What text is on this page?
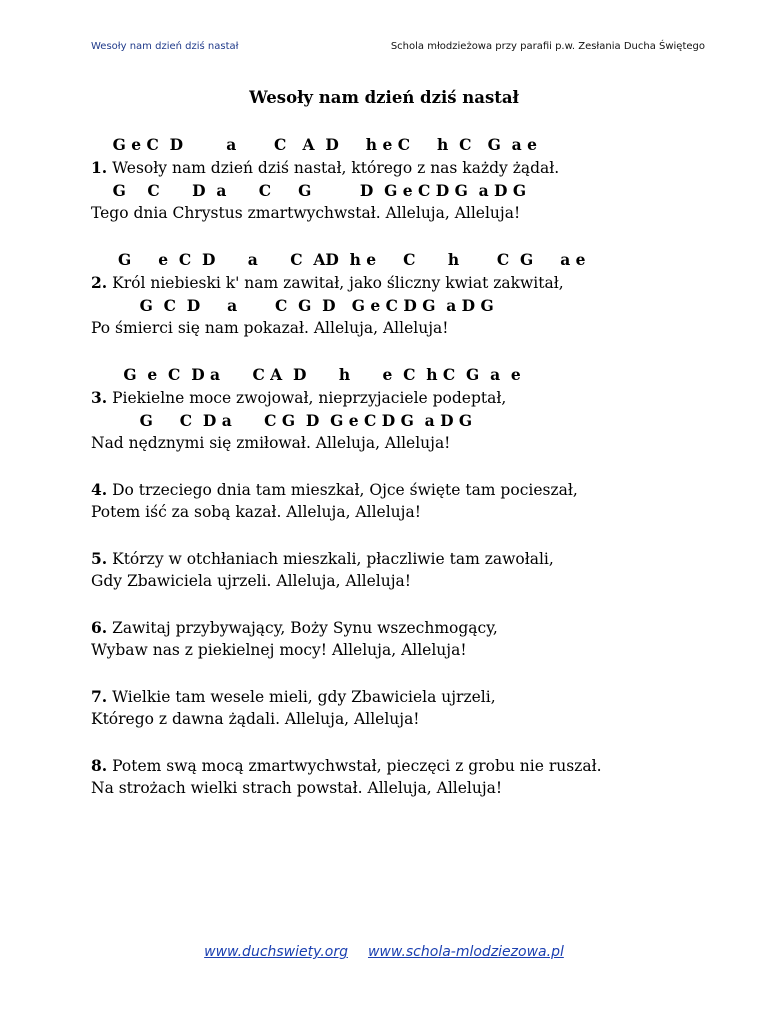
Wesoły nam dzień dziś nastał	Schola młodzieżowa przy parafii p.w. Zesłania Ducha Świętego
Wesoły nam dzień dziś nastał
G e C  D        a       C   A  D     h e C     h  C   G  a e
1. Wesoły nam dzień dziś nastał, którego z nas każdy żądał.
G    C      D  a      C     G         D  G e C D G  a D G
Tego dnia Chrystus zmartwychwstał. Alleluja, Alleluja!
G     e  C  D      a      C  AD  h e     C      h       C  G     a e
2. Król niebieski k' nam zawitał, jako śliczny kwiat zakwitał,
G  C  D     a       C  G  D   G e C D G  a D G
Po śmierci się nam pokazał. Alleluja, Alleluja!
G  e  C  D a      C A  D      h      e  C  h C  G  a  e
3. Piekielne moce zwojował, nieprzyjaciele podeptał,
G     C  D a      C G  D  G e C D G  a D G
Nad nędznymi się zmiłował. Alleluja, Alleluja!
4. Do trzeciego dnia tam mieszkał, Ojce święte tam pocieszał,
Potem iść za sobą kazał. Alleluja, Alleluja!
5. Którzy w otchłaniach mieszkali, płaczliwie tam zawołali,
Gdy Zbawiciela ujrzeli. Alleluja, Alleluja!
6. Zawitaj przybywający, Boży Synu wszechmogący,
Wybaw nas z piekielnej mocy! Alleluja, Alleluja!
7. Wielkie tam wesele mieli, gdy Zbawiciela ujrzeli,
Którego z dawna żądali. Alleluja, Alleluja!
8. Potem swą mocą zmartwychwstał, pieczęci z grobu nie ruszał.
Na strożach wielki strach powstał. Alleluja, Alleluja!
www.duchswiety.org www.schola-mlodziezowa.pl
